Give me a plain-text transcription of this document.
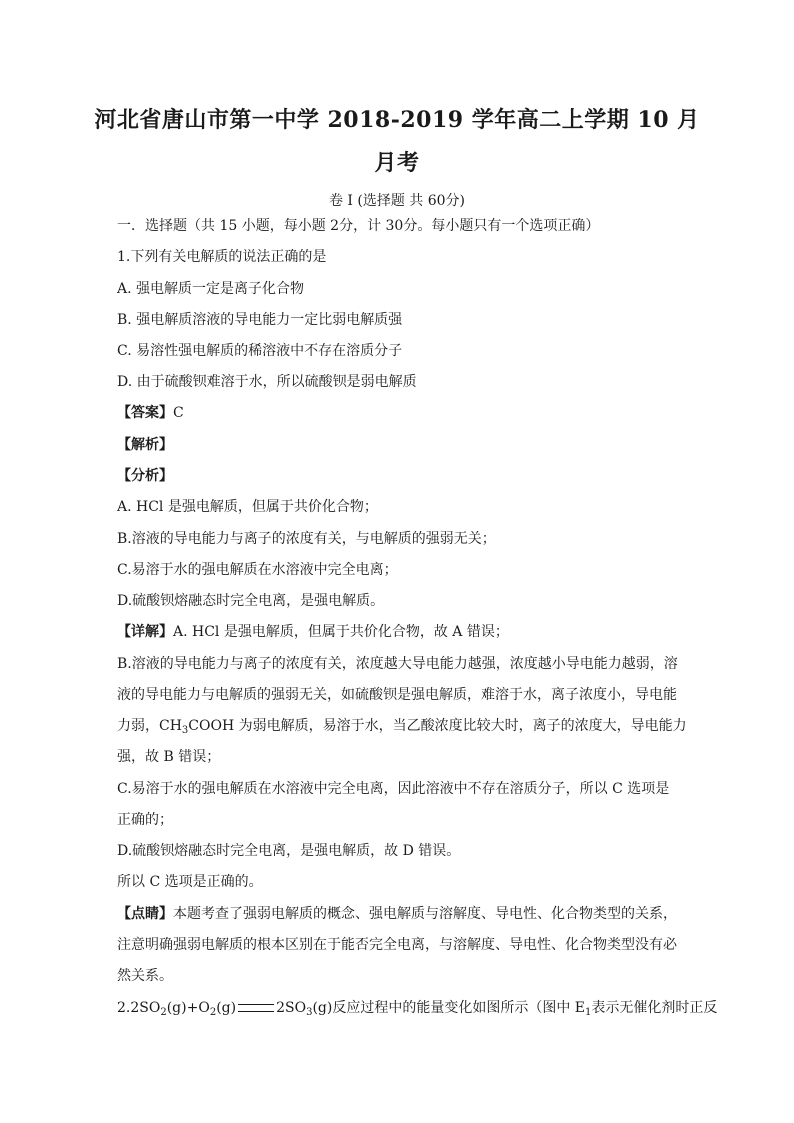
河北省唐山市第一中学 2018-2019 学年高二上学期 10 月
月考
卷 I (选择题 共 60分)
一．选择题（共 15 小题，每小题 2分，计 30分。每小题只有一个选项正确）
1.下列有关电解质的说法正确的是
A. 强电解质一定是离子化合物
B. 强电解质溶液的导电能力一定比弱电解质强
C. 易溶性强电解质的稀溶液中不存在溶质分子
D. 由于硫酸钡难溶于水，所以硫酸钡是弱电解质
【答案】C
【解析】
【分析】
A. HCl 是强电解质，但属于共价化合物；
B.溶液的导电能力与离子的浓度有关，与电解质的强弱无关；
C.易溶于水的强电解质在水溶液中完全电离；
D.硫酸钡熔融态时完全电离，是强电解质。
【详解】A. HCl 是强电解质，但属于共价化合物，故 A 错误；
B.溶液的导电能力与离子的浓度有关，浓度越大导电能力越强，浓度越小导电能力越弱，溶
液的导电能力与电解质的强弱无关，如硫酸钡是强电解质，难溶于水，离子浓度小，导电能
力弱，$CH_3COOH$ 为弱电解质，易溶于水，当乙酸浓度比较大时，离子的浓度大，导电能力
强，故 B 错误；
C.易溶于水的强电解质在水溶液中完全电离，因此溶液中不存在溶质分子，所以 C 选项是
正确的；
D.硫酸钡熔融态时完全电离，是强电解质，故 D 错误。
所以 C 选项是正确的。
【点睛】本题考查了强弱电解质的概念、强电解质与溶解度、导电性、化合物类型的关系，
注意明确强弱电解质的根本区别在于能否完全电离，与溶解度、导电性、化合物类型没有必
然关系。
$2.2SO_2(g)+O_2(g)$	$2SO_3(g)$反应过程中的能量变化如图所示（图中 $E_1$表示无催化剂时正反
